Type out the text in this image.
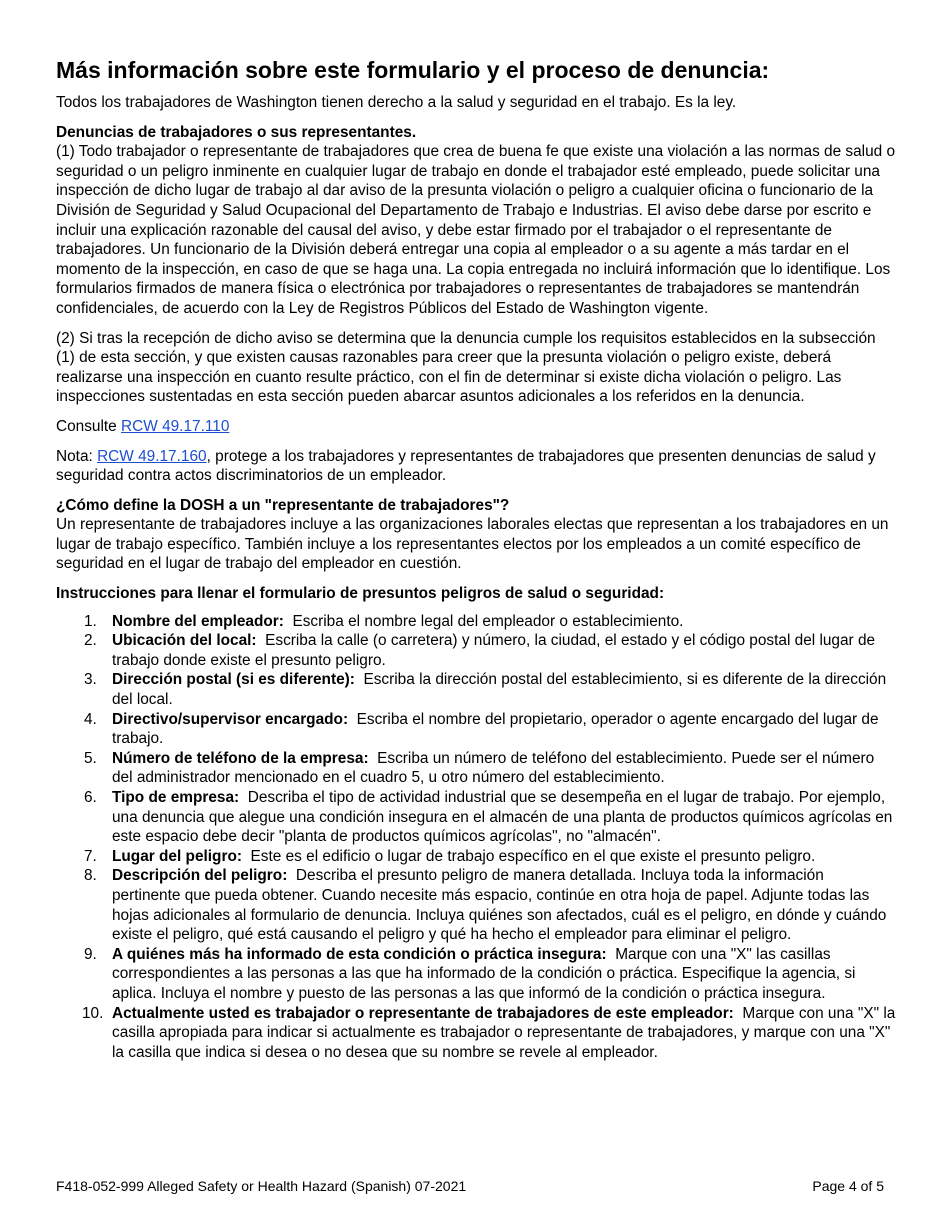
Más información sobre este formulario y el proceso de denuncia:

Todos los trabajadores de Washington tienen derecho a la salud y seguridad en el trabajo. Es la ley.

Denuncias de trabajadores o sus representantes.

(1) Todo trabajador o representante de trabajadores que crea de buena fe que existe una violación a las normas de salud o seguridad o un peligro inminente en cualquier lugar de trabajo en donde el trabajador esté empleado, puede solicitar una inspección de dicho lugar de trabajo al dar aviso de la presunta violación o peligro a cualquier oficina o funcionario de la División de Seguridad y Salud Ocupacional del Departamento de Trabajo e Industrias. El aviso debe darse por escrito e incluir una explicación razonable del causal del aviso, y debe estar firmado por el trabajador o el representante de trabajadores. Un funcionario de la División deberá entregar una copia al empleador o a su agente a más tardar en el momento de la inspección, en caso de que se haga una. La copia entregada no incluirá información que lo identifique. Los formularios firmados de manera física o electrónica por trabajadores o representantes de trabajadores se mantendrán confidenciales, de acuerdo con la Ley de Registros Públicos del Estado de Washington vigente.

(2) Si tras la recepción de dicho aviso se determina que la denuncia cumple los requisitos establecidos en la subsección (1) de esta sección, y que existen causas razonables para creer que la presunta violación o peligro existe, deberá realizarse una inspección en cuanto resulte práctico, con el fin de determinar si existe dicha violación o peligro. Las inspecciones sustentadas en esta sección pueden abarcar asuntos adicionales a los referidos en la denuncia.

Consulte RCW 49.17.110

Nota: RCW 49.17.160, protege a los trabajadores y representantes de trabajadores que presenten denuncias de salud y seguridad contra actos discriminatorios de un empleador.

¿Cómo define la DOSH a un "representante de trabajadores"?

Un representante de trabajadores incluye a las organizaciones laborales electas que representan a los trabajadores en un lugar de trabajo específico. También incluye a los representantes electos por los empleados a un comité específico de seguridad en el lugar de trabajo del empleador en cuestión.

Instrucciones para llenar el formulario de presuntos peligros de salud o seguridad:
1. Nombre del empleador: Escriba el nombre legal del empleador o establecimiento.
2. Ubicación del local: Escriba la calle (o carretera) y número, la ciudad, el estado y el código postal del lugar de trabajo donde existe el presunto peligro.
3. Dirección postal (si es diferente): Escriba la dirección postal del establecimiento, si es diferente de la dirección del local.
4. Directivo/supervisor encargado: Escriba el nombre del propietario, operador o agente encargado del lugar de trabajo.
5. Número de teléfono de la empresa: Escriba un número de teléfono del establecimiento. Puede ser el número del administrador mencionado en el cuadro 5, u otro número del establecimiento.
6. Tipo de empresa: Describa el tipo de actividad industrial que se desempeña en el lugar de trabajo. Por ejemplo, una denuncia que alegue una condición insegura en el almacén de una planta de productos químicos agrícolas en este espacio debe decir "planta de productos químicos agrícolas", no "almacén".
7. Lugar del peligro: Este es el edificio o lugar de trabajo específico en el que existe el presunto peligro.
8. Descripción del peligro: Describa el presunto peligro de manera detallada. Incluya toda la información pertinente que pueda obtener. Cuando necesite más espacio, continúe en otra hoja de papel. Adjunte todas las hojas adicionales al formulario de denuncia. Incluya quiénes son afectados, cuál es el peligro, en dónde y cuándo existe el peligro, qué está causando el peligro y qué ha hecho el empleador para eliminar el peligro.
9. A quiénes más ha informado de esta condición o práctica insegura: Marque con una "X" las casillas correspondientes a las personas a las que ha informado de la condición o práctica. Especifique la agencia, si aplica. Incluya el nombre y puesto de las personas a las que informó de la condición o práctica insegura.
10. Actualmente usted es trabajador o representante de trabajadores de este empleador: Marque con una "X" la casilla apropiada para indicar si actualmente es trabajador o representante de trabajadores, y marque con una "X" la casilla que indica si desea o no desea que su nombre se revele al empleador.
F418-052-999 Alleged Safety or Health Hazard (Spanish) 07-2021	Page 4 of 5
